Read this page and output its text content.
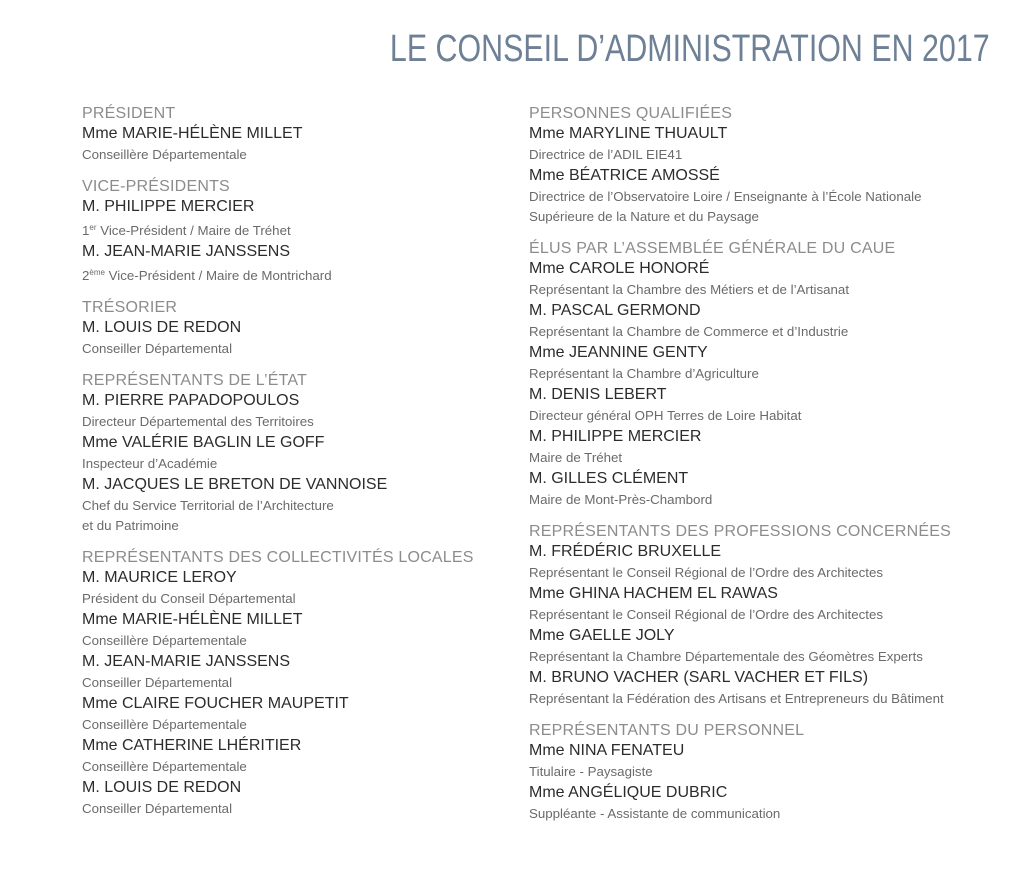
LE CONSEIL D’ADMINISTRATION EN 2017
PRÉSIDENT
Mme MARIE-HÉLÈNE MILLET
Conseillère Départementale
VICE-PRÉSIDENTS
M. PHILIPPE MERCIER
1er Vice-Président / Maire de Tréhet
M. JEAN-MARIE JANSSENS
2ème Vice-Président / Maire de Montrichard
TRÉSORIER
M. LOUIS DE REDON
Conseiller Départemental
REPRÉSENTANTS DE L’ÉTAT
M. PIERRE PAPADOPOULOS
Directeur Départemental des Territoires
Mme VALÉRIE BAGLIN LE GOFF
Inspecteur d’Académie
M. JACQUES LE BRETON DE VANNOISE
Chef du Service Territorial de l’Architecture
et du Patrimoine
REPRÉSENTANTS DES COLLECTIVITÉS LOCALES
M. MAURICE LEROY
Président du Conseil Départemental
Mme MARIE-HÉLÈNE MILLET
Conseillère Départementale
M. JEAN-MARIE JANSSENS
Conseiller Départemental
Mme CLAIRE FOUCHER MAUPETIT
Conseillère Départementale
Mme CATHERINE LHÉRITIER
Conseillère Départementale
M. LOUIS DE REDON
Conseiller Départemental
PERSONNES QUALIFIÉES
Mme MARYLINE THUAULT
Directrice de l’ADIL EIE41
Mme BÉATRICE AMOSSÉ
Directrice de l’Observatoire Loire / Enseignante à l’École Nationale
Supérieure de la Nature et du Paysage
ÉLUS PAR L’ASSEMBLÉE GÉNÉRALE DU CAUE
Mme CAROLE HONORÉ
Représentant la Chambre des Métiers et de l’Artisanat
M. PASCAL GERMOND
Représentant la Chambre de Commerce et d’Industrie
Mme JEANNINE GENTY
Représentant la Chambre d’Agriculture
M. DENIS LEBERT
Directeur général OPH Terres de Loire Habitat
M. PHILIPPE MERCIER
Maire de Tréhet
M. GILLES CLÉMENT
Maire de Mont-Près-Chambord
REPRÉSENTANTS DES PROFESSIONS CONCERNÉES
M. FRÉDÉRIC BRUXELLE
Représentant le Conseil Régional de l’Ordre des Architectes
Mme GHINA HACHEM EL RAWAS
Représentant le Conseil Régional de l’Ordre des Architectes
Mme GAELLE JOLY
Représentant la Chambre Départementale des Géomètres Experts
M. BRUNO VACHER (SARL VACHER ET FILS)
Représentant la Fédération des Artisans et Entrepreneurs du Bâtiment
REPRÉSENTANTS DU PERSONNEL
Mme NINA FENATEU
Titulaire - Paysagiste
Mme ANGÉLIQUE DUBRIC
Suppléante - Assistante de communication
